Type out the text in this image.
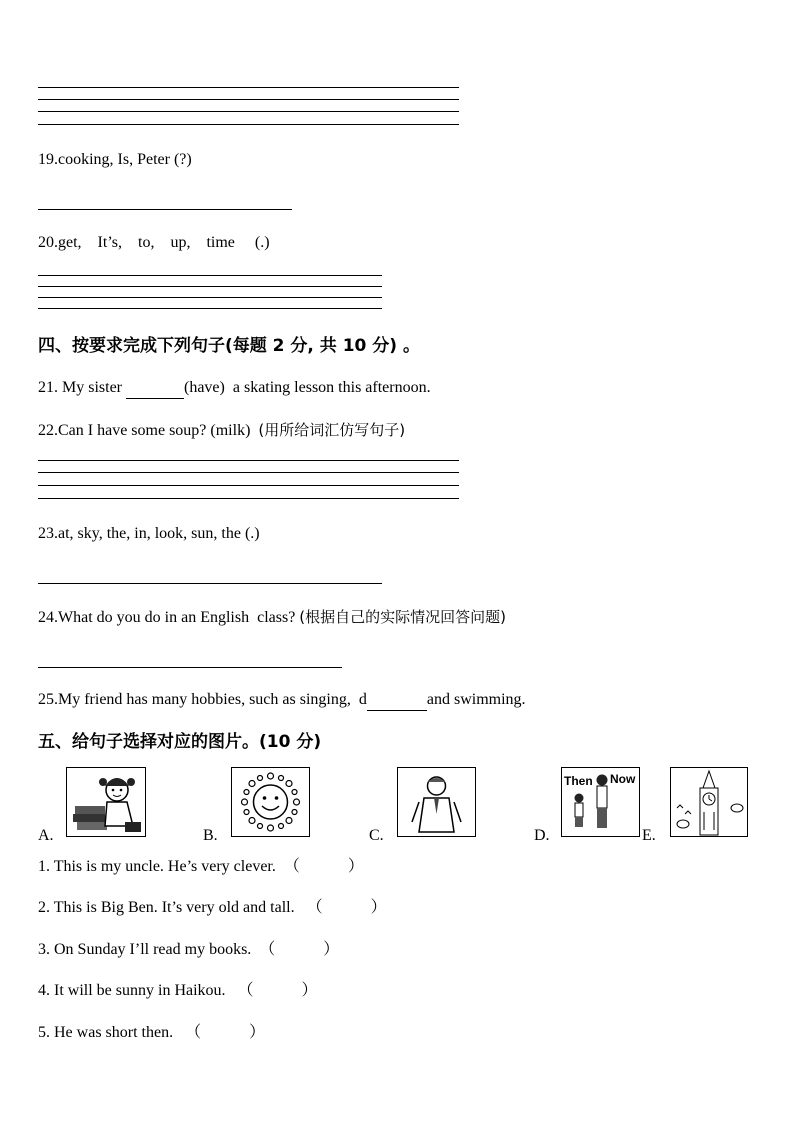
19.cooking, Is, Peter (?)
20.get,    It’s,    to,    up,    time     (.)
四、按要求完成下列句子(每题 2 分, 共 10 分) 。
21. My sister	(have)  a skating lesson this afternoon.
22.Can I have some soup? (milk)  (用所给词汇仿写句子)
23.at, sky, the, in, look, sun, the (.)
24.What do you do in an English  class? (根据自己的实际情况回答问题)
25.My friend has many hobbies, such as singing,  d	and swimming.
五、给句子选择对应的图片。(10 分)
A.	B.	C.	D.
Then Now
E.
1. This is my uncle. He’s very clever.  （            ）
2. This is Big Ben. It’s very old and tall.   （            ）
3. On Sunday I’ll read my books.  （            ）
4. It will be sunny in Haikou.   （            ）
5. He was short then.   （            ）
